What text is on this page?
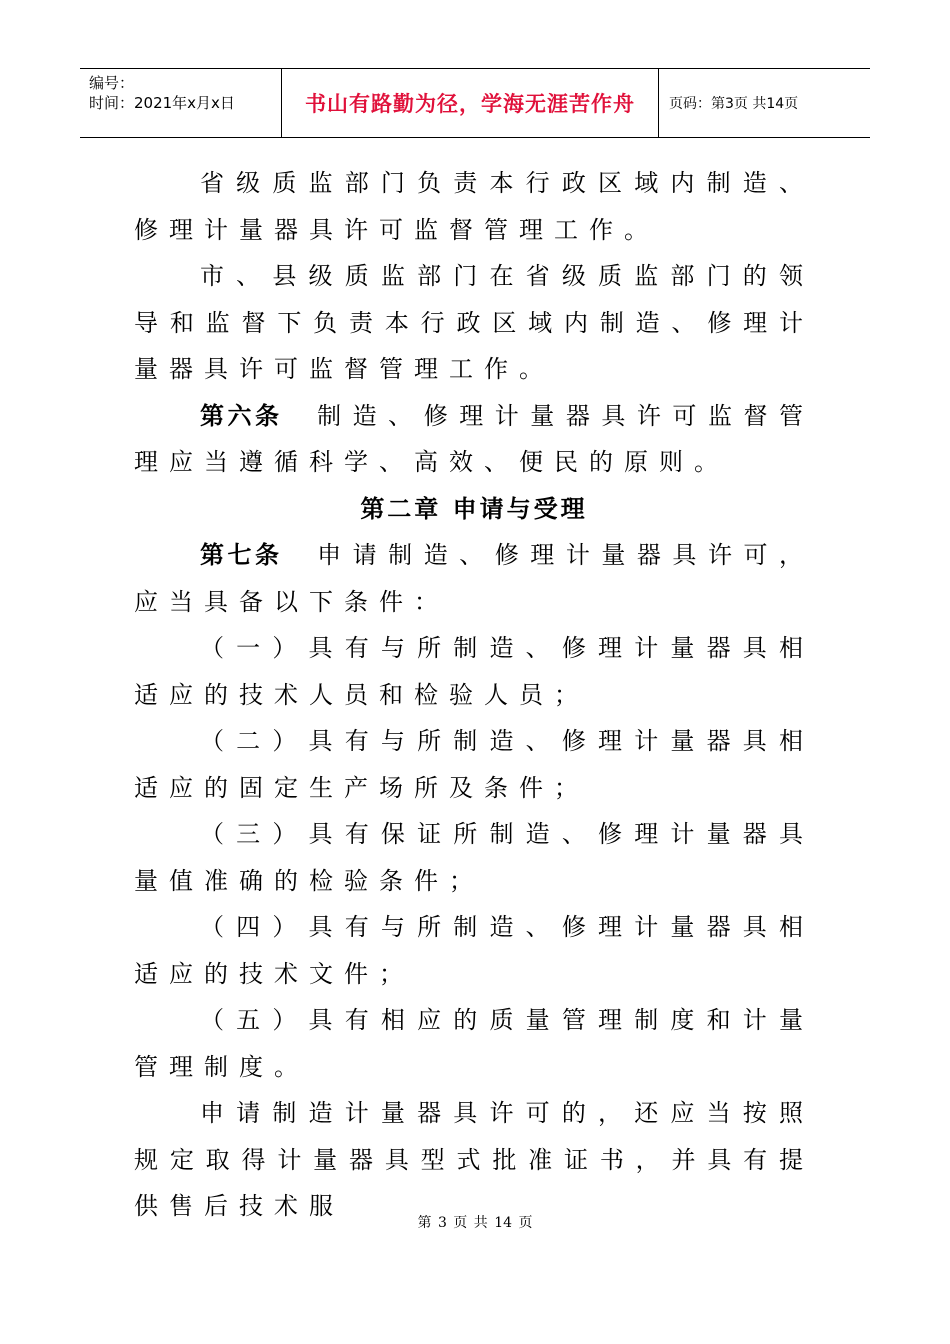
编号：
时间：2021年x月x日	书山有路勤为径，学海无涯苦作舟	页码：第3页 共14页

省级质监部门负责本行政区域内制造、修理计量器具许可监督管理工作。

市、县级质监部门在省级质监部门的领导和监督下负责本行政区域内制造、修理计量器具许可监督管理工作。

第六条 制造、修理计量器具许可监督管理应当遵循科学、高效、便民的原则。

第二章 申请与受理

第七条 申请制造、修理计量器具许可，应当具备以下条件：

（一）具有与所制造、修理计量器具相适应的技术人员和检验人员；

（二）具有与所制造、修理计量器具相适应的固定生产场所及条件；

（三）具有保证所制造、修理计量器具量值准确的检验条件；

（四）具有与所制造、修理计量器具相适应的技术文件；

（五）具有相应的质量管理制度和计量管理制度。

申请制造计量器具许可的，还应当按照规定取得计量器具型式批准证书，并具有提供售后技术服

第 3 页 共 14 页
